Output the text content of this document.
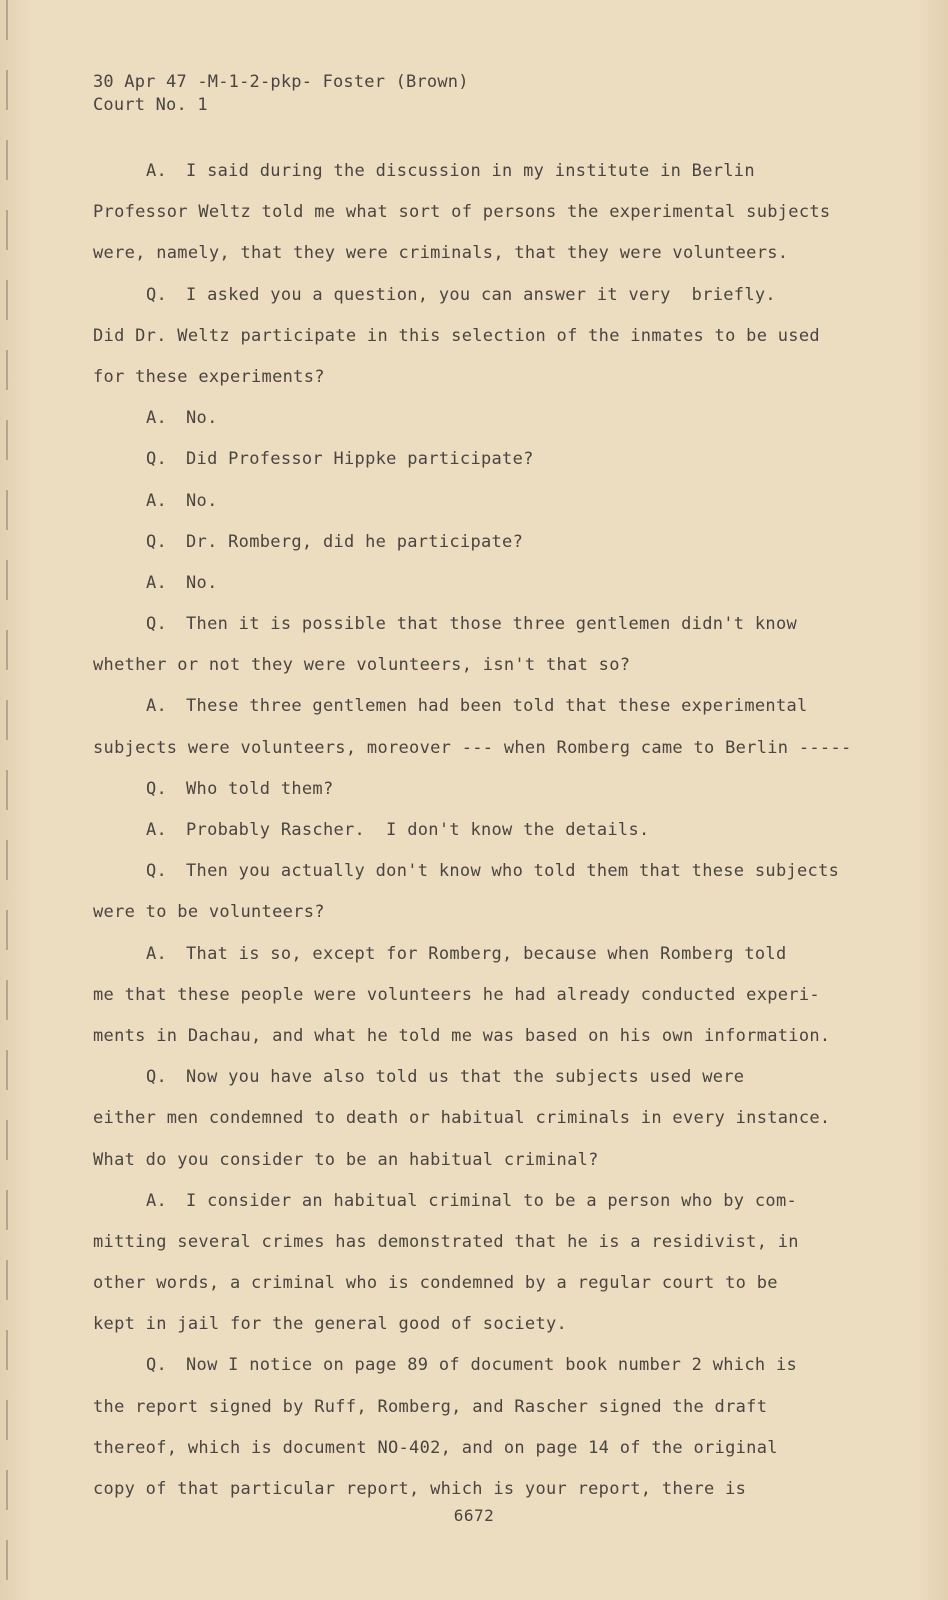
30 Apr 47 -M-1-2-pkp- Foster (Brown)
Court No. 1
A. I said during the discussion in my institute in Berlin
Professor Weltz told me what sort of persons the experimental subjects
were, namely, that they were criminals, that they were volunteers.
Q. I asked you a question, you can answer it very  briefly.
Did Dr. Weltz participate in this selection of the inmates to be used
for these experiments?
A. No.
Q. Did Professor Hippke participate?
A. No.
Q. Dr. Romberg, did he participate?
A. No.
Q. Then it is possible that those three gentlemen didn't know
whether or not they were volunteers, isn't that so?
A. These three gentlemen had been told that these experimental
subjects were volunteers, moreover --- when Romberg came to Berlin -----
Q. Who told them?
A. Probably Rascher.  I don't know the details.
Q. Then you actually don't know who told them that these subjects
were to be volunteers?
A. That is so, except for Romberg, because when Romberg told
me that these people were volunteers he had already conducted experi-
ments in Dachau, and what he told me was based on his own information.
Q. Now you have also told us that the subjects used were
either men condemned to death or habitual criminals in every instance.
What do you consider to be an habitual criminal?
A. I consider an habitual criminal to be a person who by com-
mitting several crimes has demonstrated that he is a residivist, in
other words, a criminal who is condemned by a regular court to be
kept in jail for the general good of society.
Q. Now I notice on page 89 of document book number 2 which is
the report signed by Ruff, Romberg, and Rascher signed the draft
thereof, which is document NO-402, and on page 14 of the original
copy of that particular report, which is your report, there is
6672
